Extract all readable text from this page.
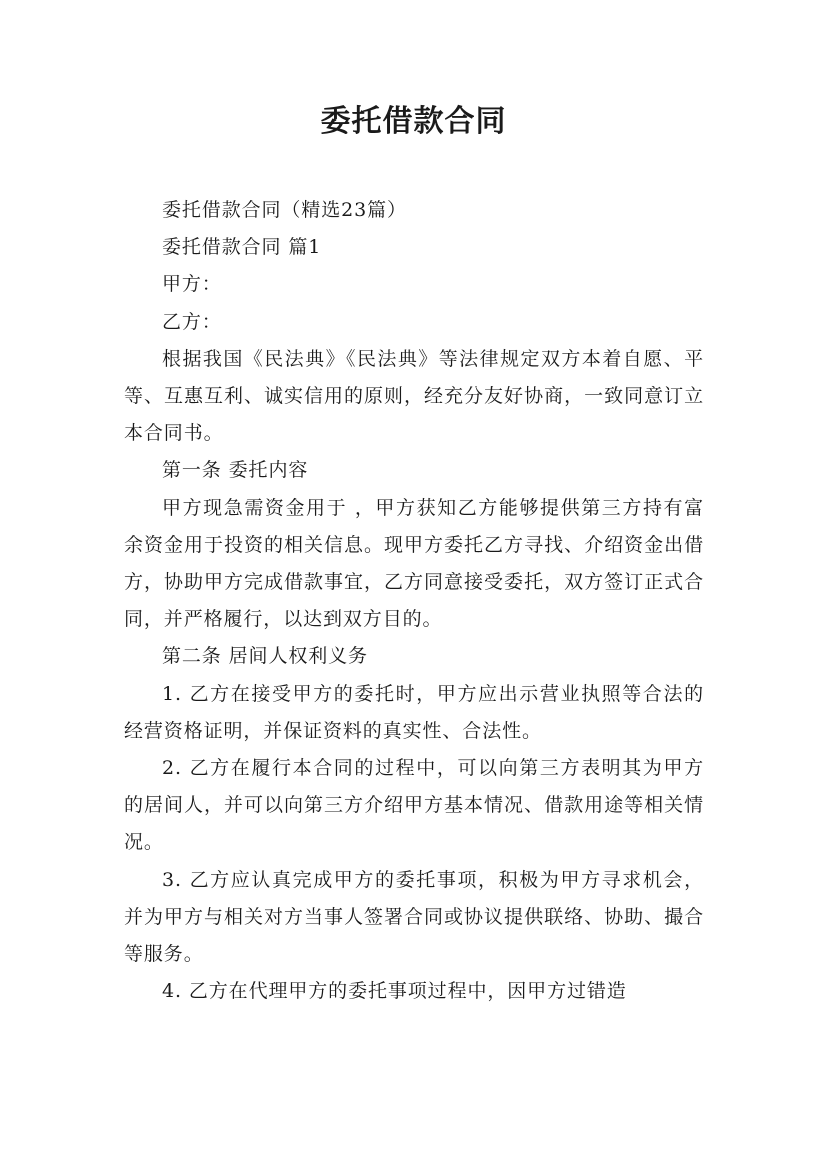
委托借款合同

委托借款合同（精选23篇）

委托借款合同 篇1

甲方：

乙方：

根据我国《民法典》《民法典》等法律规定双方本着自愿、平等、互惠互利、诚实信用的原则，经充分友好协商，一致同意订立本合同书。

第一条 委托内容

甲方现急需资金用于 ，甲方获知乙方能够提供第三方持有富余资金用于投资的相关信息。现甲方委托乙方寻找、介绍资金出借方，协助甲方完成借款事宜，乙方同意接受委托，双方签订正式合同，并严格履行，以达到双方目的。

第二条 居间人权利义务

1. 乙方在接受甲方的委托时，甲方应出示营业执照等合法的经营资格证明，并保证资料的真实性、合法性。

2. 乙方在履行本合同的过程中，可以向第三方表明其为甲方的居间人，并可以向第三方介绍甲方基本情况、借款用途等相关情况。

3. 乙方应认真完成甲方的委托事项，积极为甲方寻求机会，并为甲方与相关对方当事人签署合同或协议提供联络、协助、撮合等服务。

4. 乙方在代理甲方的委托事项过程中，因甲方过错造
